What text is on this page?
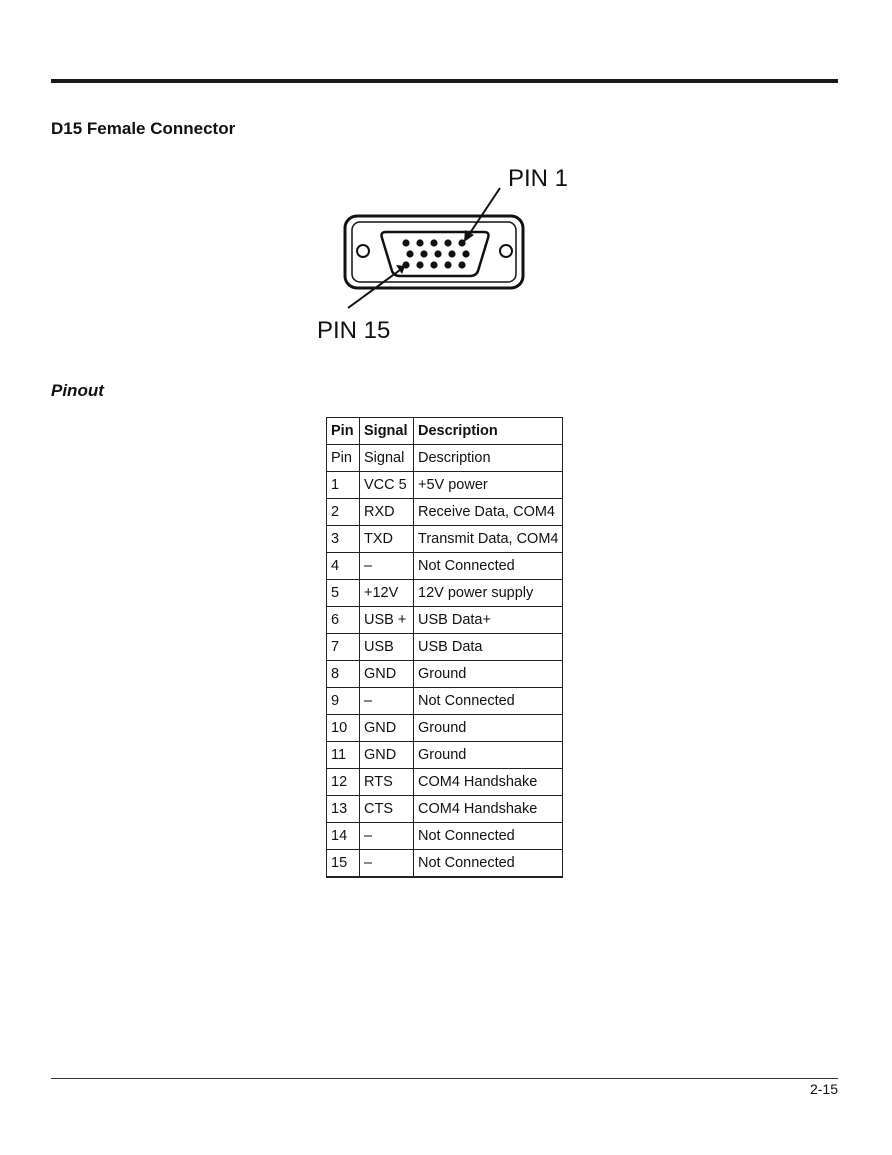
D15 Female Connector
PIN 1
PIN 15
Pinout
Pin	Signal	Description
Pin	Signal	Description
1	VCC 5	+5V power
2	RXD	Receive Data, COM4
3	TXD	Transmit Data, COM4
4	–	Not Connected
5	+12V	12V power supply
6	USB +	USB Data+
7	USB	USB Data
8	GND	Ground
9	–	Not Connected
10	GND	Ground
11	GND	Ground
12	RTS	COM4 Handshake
13	CTS	COM4 Handshake
14	–	Not Connected
15	–	Not Connected
2-15
